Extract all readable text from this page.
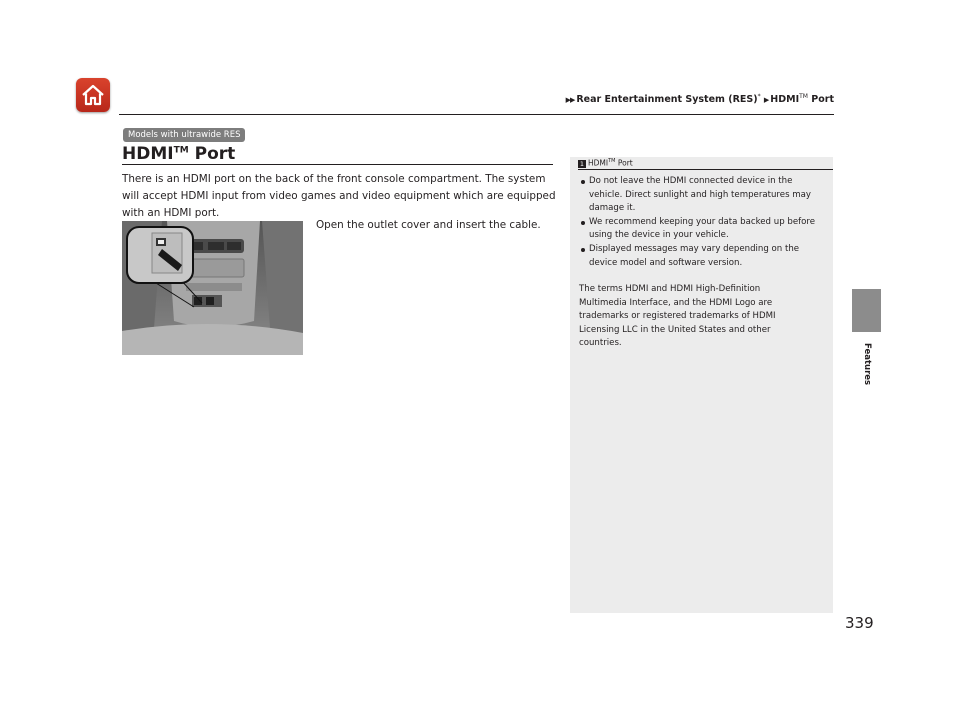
▶▶ Rear Entertainment System (RES)* ▶ HDMI™ Port
Features
Models with ultrawide RES
HDMI™ Port
There is an HDMI port on the back of the front console compartment. The system will accept HDMI input from video games and video equipment which are equipped with an HDMI port.
Open the outlet cover and insert the cable.
1 HDMI™ Port
Do not leave the HDMI connected device in the vehicle. Direct sunlight and high temperatures may damage it.
We recommend keeping your data backed up before using the device in your vehicle.
Displayed messages may vary depending on the device model and software version.
The terms HDMI and HDMI High-Definition Multimedia Interface, and the HDMI Logo are trademarks or registered trademarks of HDMI Licensing LLC in the United States and other countries.
339
